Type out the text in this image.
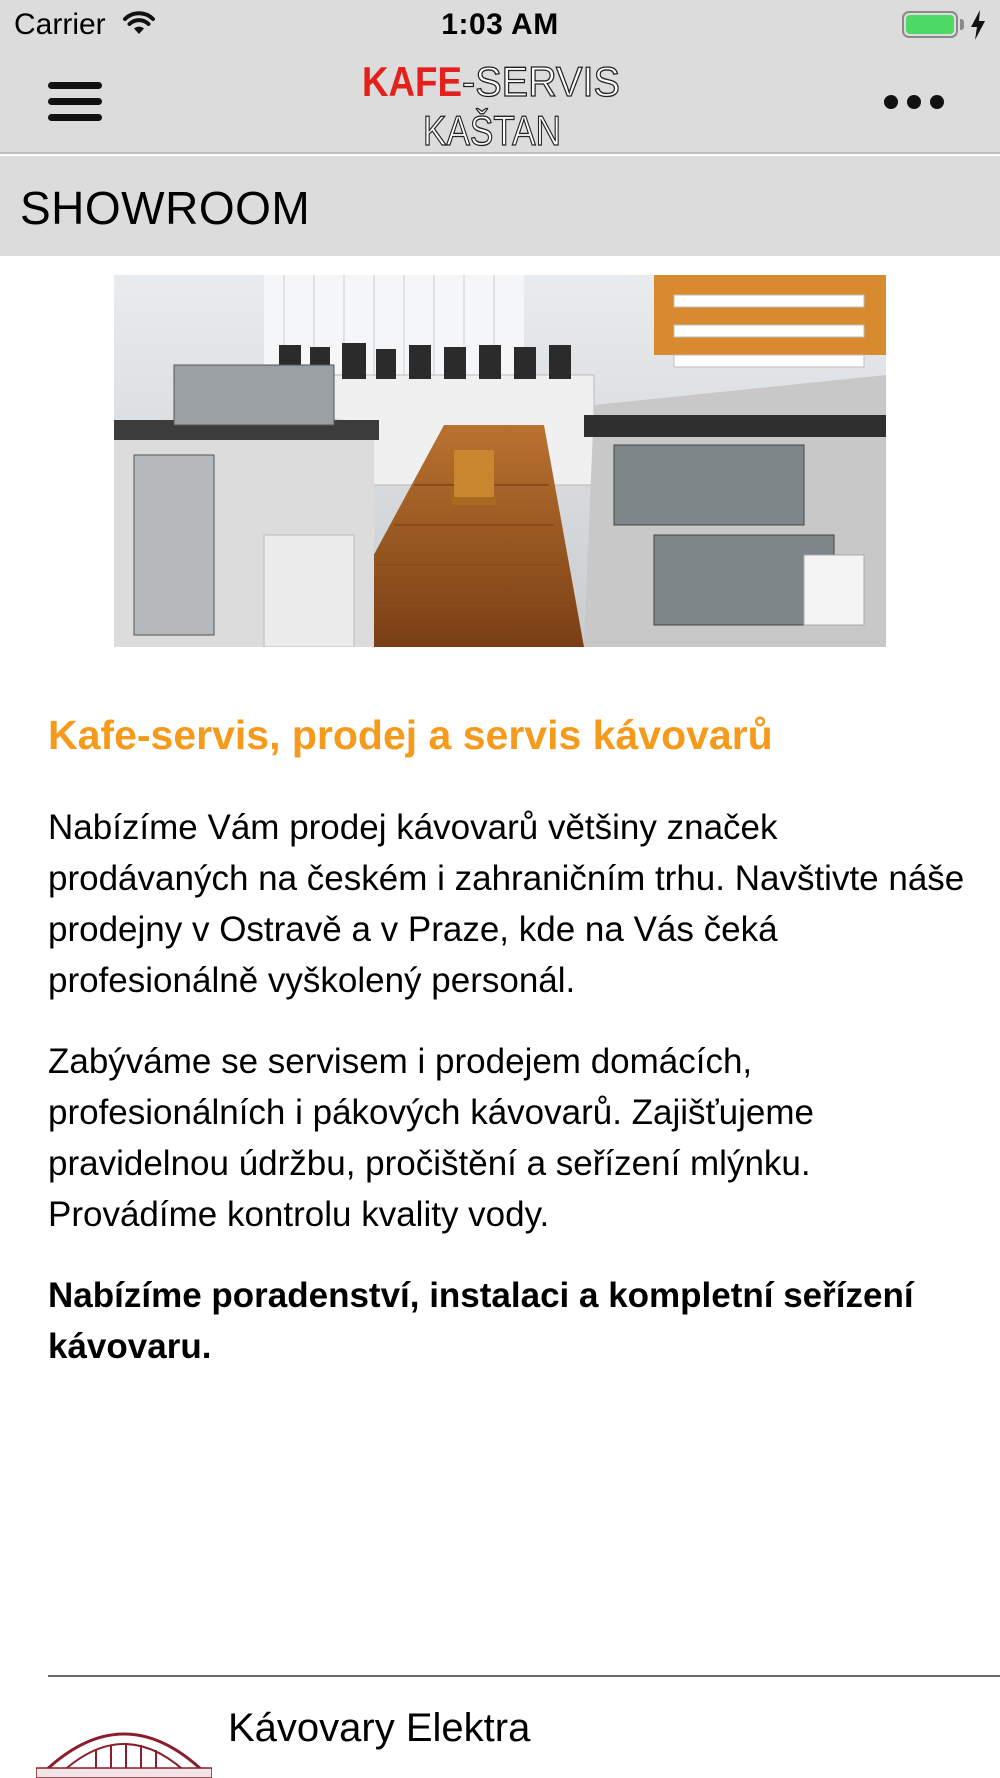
Carrier	1:03 AM
KAFE -SERVIS
KAŠTAN
SHOWROOM
Kafe-servis, prodej a servis kávovarů

Nabízíme Vám prodej kávovarů většiny značek prodávaných na českém i zahraničním trhu. Navštivte náše prodejny v Ostravě a v Praze, kde na Vás čeká profesionálně vyškolený personál.

Zabýváme se servisem i prodejem domácích, profesionálních i pákových kávovarů. Zajišťujeme pravidelnou údržbu, pročištění a seřízení mlýnku. Provádíme kontrolu kvality vody.

Nabízíme poradenství, instalaci a kompletní seřízení kávovaru.

Kávovary Elektra
